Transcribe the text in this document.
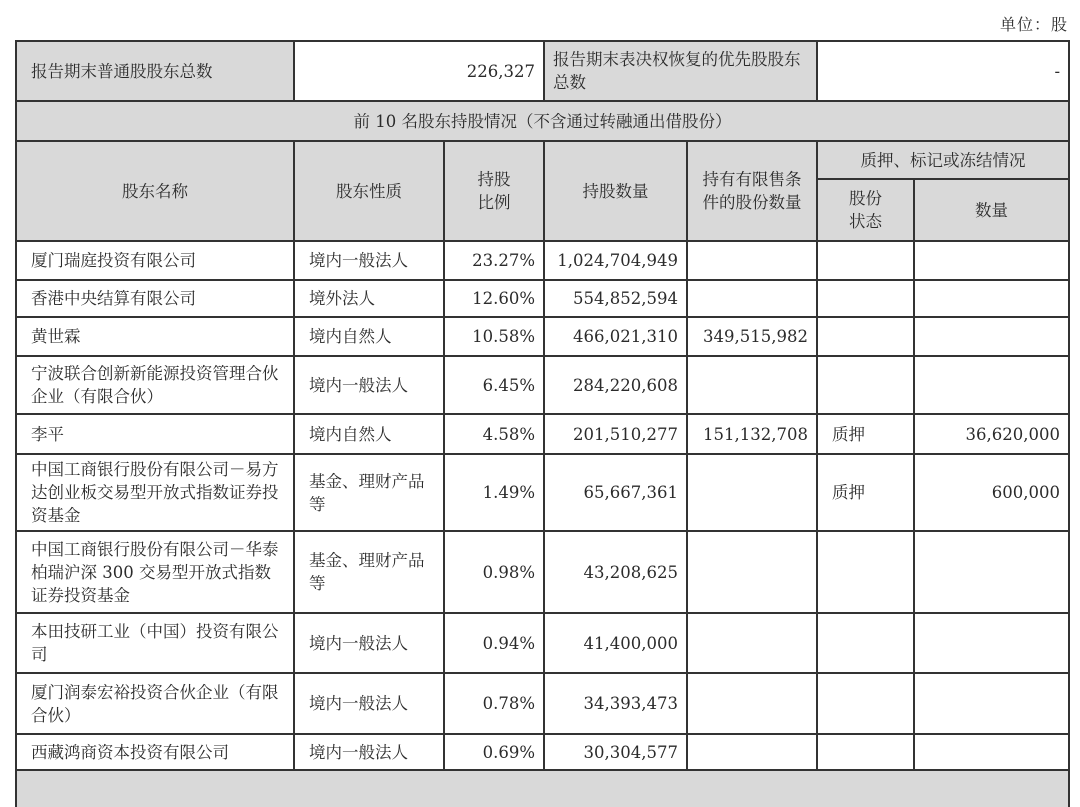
单位：股
报告期末普通股股东总数	226,327		报告期末表决权恢复的优先股股东总数		-	
前 10 名股东持股情况（不含通过转融通出借股份）						
股东名称	股东性质	持股比例	持股数量	持有有限售条件的股份数量	质押、标记或冻结情况	
					股份状态	数量
厦门瑞庭投资有限公司	境内一般法人	23.27%	1,024,704,949			
香港中央结算有限公司	境外法人	12.60%	554,852,594			
黄世霖	境内自然人	10.58%	466,021,310	349,515,982		
宁波联合创新新能源投资管理合伙企业（有限合伙）	境内一般法人	6.45%	284,220,608			
李平	境内自然人	4.58%	201,510,277	151,132,708	质押	36,620,000
中国工商银行股份有限公司－易方达创业板交易型开放式指数证券投资基金	基金、理财产品等	1.49%	65,667,361		质押	600,000
中国工商银行股份有限公司－华泰柏瑞沪深 300 交易型开放式指数证券投资基金	基金、理财产品等	0.98%	43,208,625			
本田技研工业（中国）投资有限公司	境内一般法人	0.94%	41,400,000			
厦门润泰宏裕投资合伙企业（有限合伙）	境内一般法人	0.78%	34,393,473			
西藏鸿商资本投资有限公司	境内一般法人	0.69%	30,304,577			
